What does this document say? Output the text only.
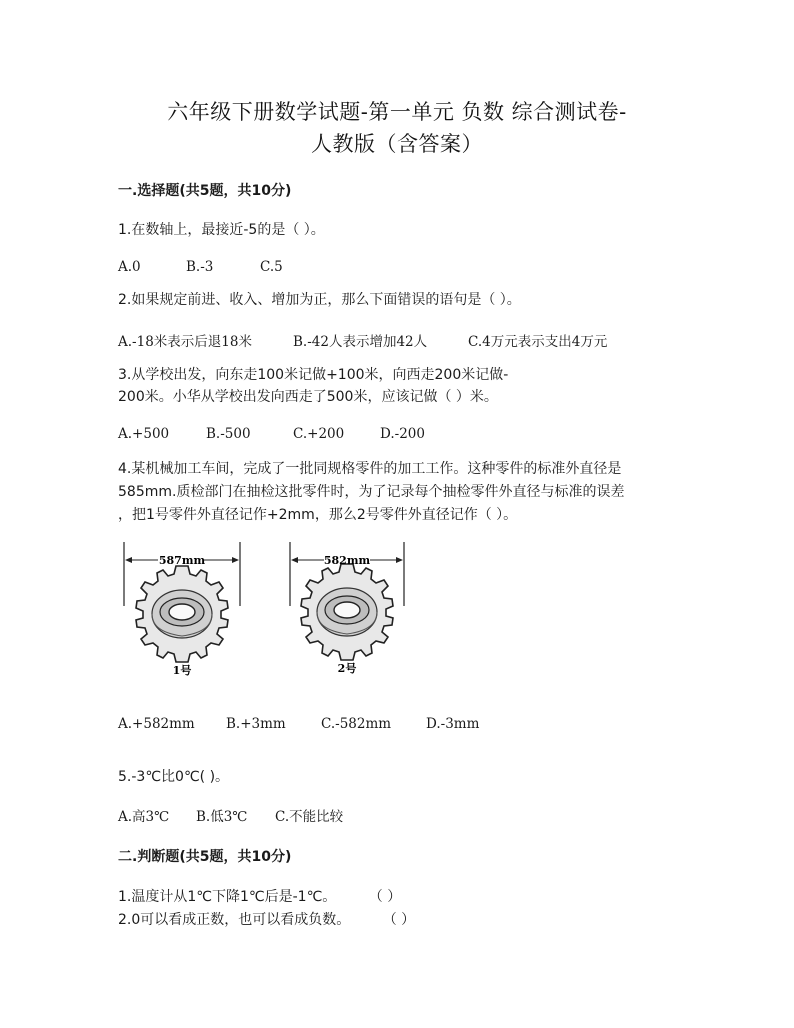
六年级下册数学试题-第一单元 负数 综合测试卷-
人教版（含答案）
一.选择题(共5题，共10分)
1.在数轴上，最接近-5的是（ ）。
A.0	B.-3	C.5
2.如果规定前进、收入、增加为正，那么下面错误的语句是（ ）。
A.-18米表示后退18米	B.-42人表示增加42人	C.4万元表示支出4万元
3.从学校出发，向东走100米记做+100米，向西走200米记做-
200米。小华从学校出发向西走了500米，应该记做（ ）米。
A.+500	B.-500	C.+200	D.-200
4.某机械加工车间，完成了一批同规格零件的加工工作。这种零件的标准外直径是
585mm.质检部门在抽检这批零件时，为了记录每个抽检零件外直径与标准的误差
，把1号零件外直径记作+2mm，那么2号零件外直径记作（ ）。
587mm
1号
582mm
2号
A.+582mm B.+3mm	C.-582mm	D.-3mm
5.-3℃比0℃( )。
A.高3℃ B.低3℃ C.不能比较
二.判断题(共5题，共10分)
1.温度计从1℃下降1℃后是-1℃。 （ ）
2.0可以看成正数，也可以看成负数。 （ ）
